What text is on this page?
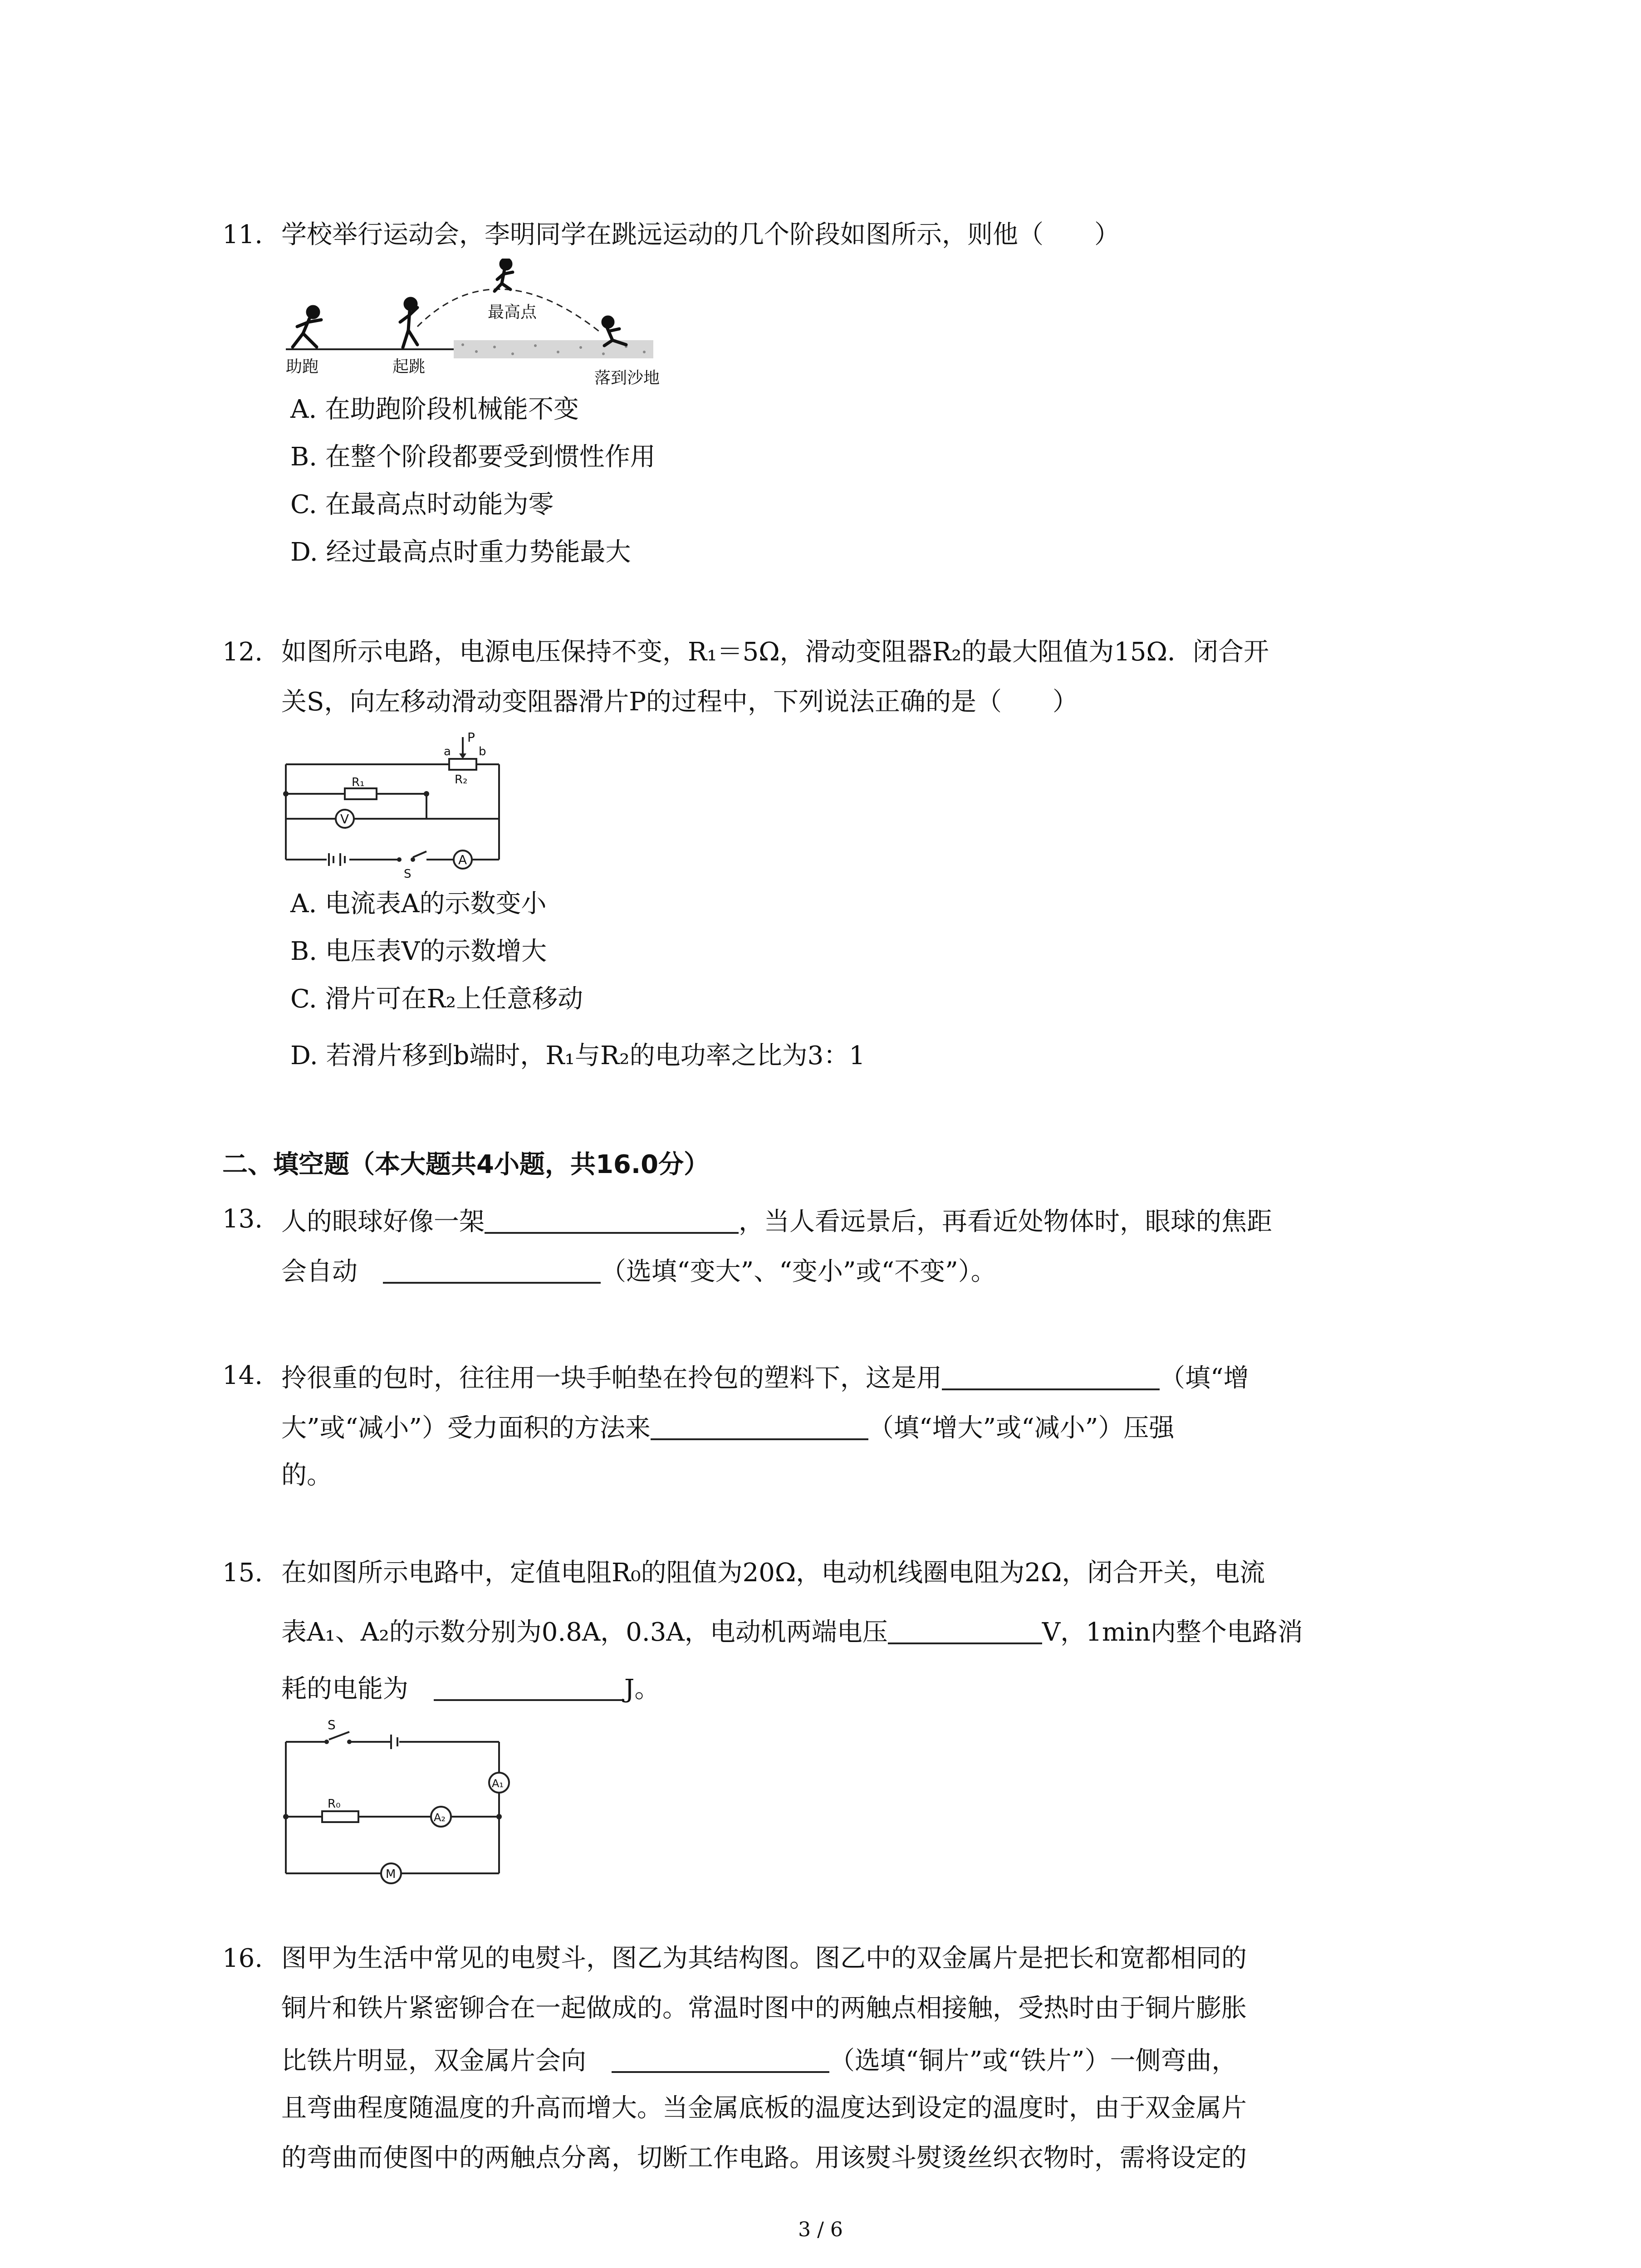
11. 学校举行运动会，李明同学在跳远运动的几个阶段如图所示，则他（　　）
助跑	起跳
最高点
落到沙地
A. 在助跑阶段机械能不变
B. 在整个阶段都要受到惯性作用
C. 在最高点时动能为零
D. 经过最高点时重力势能最大
12. 如图所示电路，电源电压保持不变，R₁＝5Ω，滑动变阻器R₂的最大阻值为15Ω．闭合开
关S，向左移动滑动变阻器滑片P的过程中，下列说法正确的是（　　）
P
a b
R₁	R₂
V
A
S
A. 电流表A的示数变小
B. 电压表V的示数增大
C. 滑片可在R₂上任意移动
D. 若滑片移到b端时，R₁与R₂的电功率之比为3：1
二、填空题（本大题共4小题，共16.0分）
13. 人的眼球好像一架	，当人看远景后，再看近处物体时，眼球的焦距
会自动　	（选填“变大”、“变小”或“不变”）。
14. 拎很重的包时，往往用一块手帕垫在拎包的塑料下，这是用	（填“增
大”或“减小”）受力面积的方法来	（填“增大”或“减小”）压强
的。
15. 在如图所示电路中，定值电阻R₀的阻值为20Ω，电动机线圈电阻为2Ω，闭合开关，电流
表A₁、A₂的示数分别为0.8A，0.3A，电动机两端电压	V，1min内整个电路消
耗的电能为　	J。
S
R₀
A₁
A₂
M
16. 图甲为生活中常见的电熨斗，图乙为其结构图。图乙中的双金属片是把长和宽都相同的
铜片和铁片紧密铆合在一起做成的。常温时图中的两触点相接触，受热时由于铜片膨胀
比铁片明显，双金属片会向　	（选填“铜片”或“铁片”）一侧弯曲，
且弯曲程度随温度的升高而增大。当金属底板的温度达到设定的温度时，由于双金属片
的弯曲而使图中的两触点分离，切断工作电路。用该熨斗熨烫丝织衣物时，需将设定的
3 / 6
